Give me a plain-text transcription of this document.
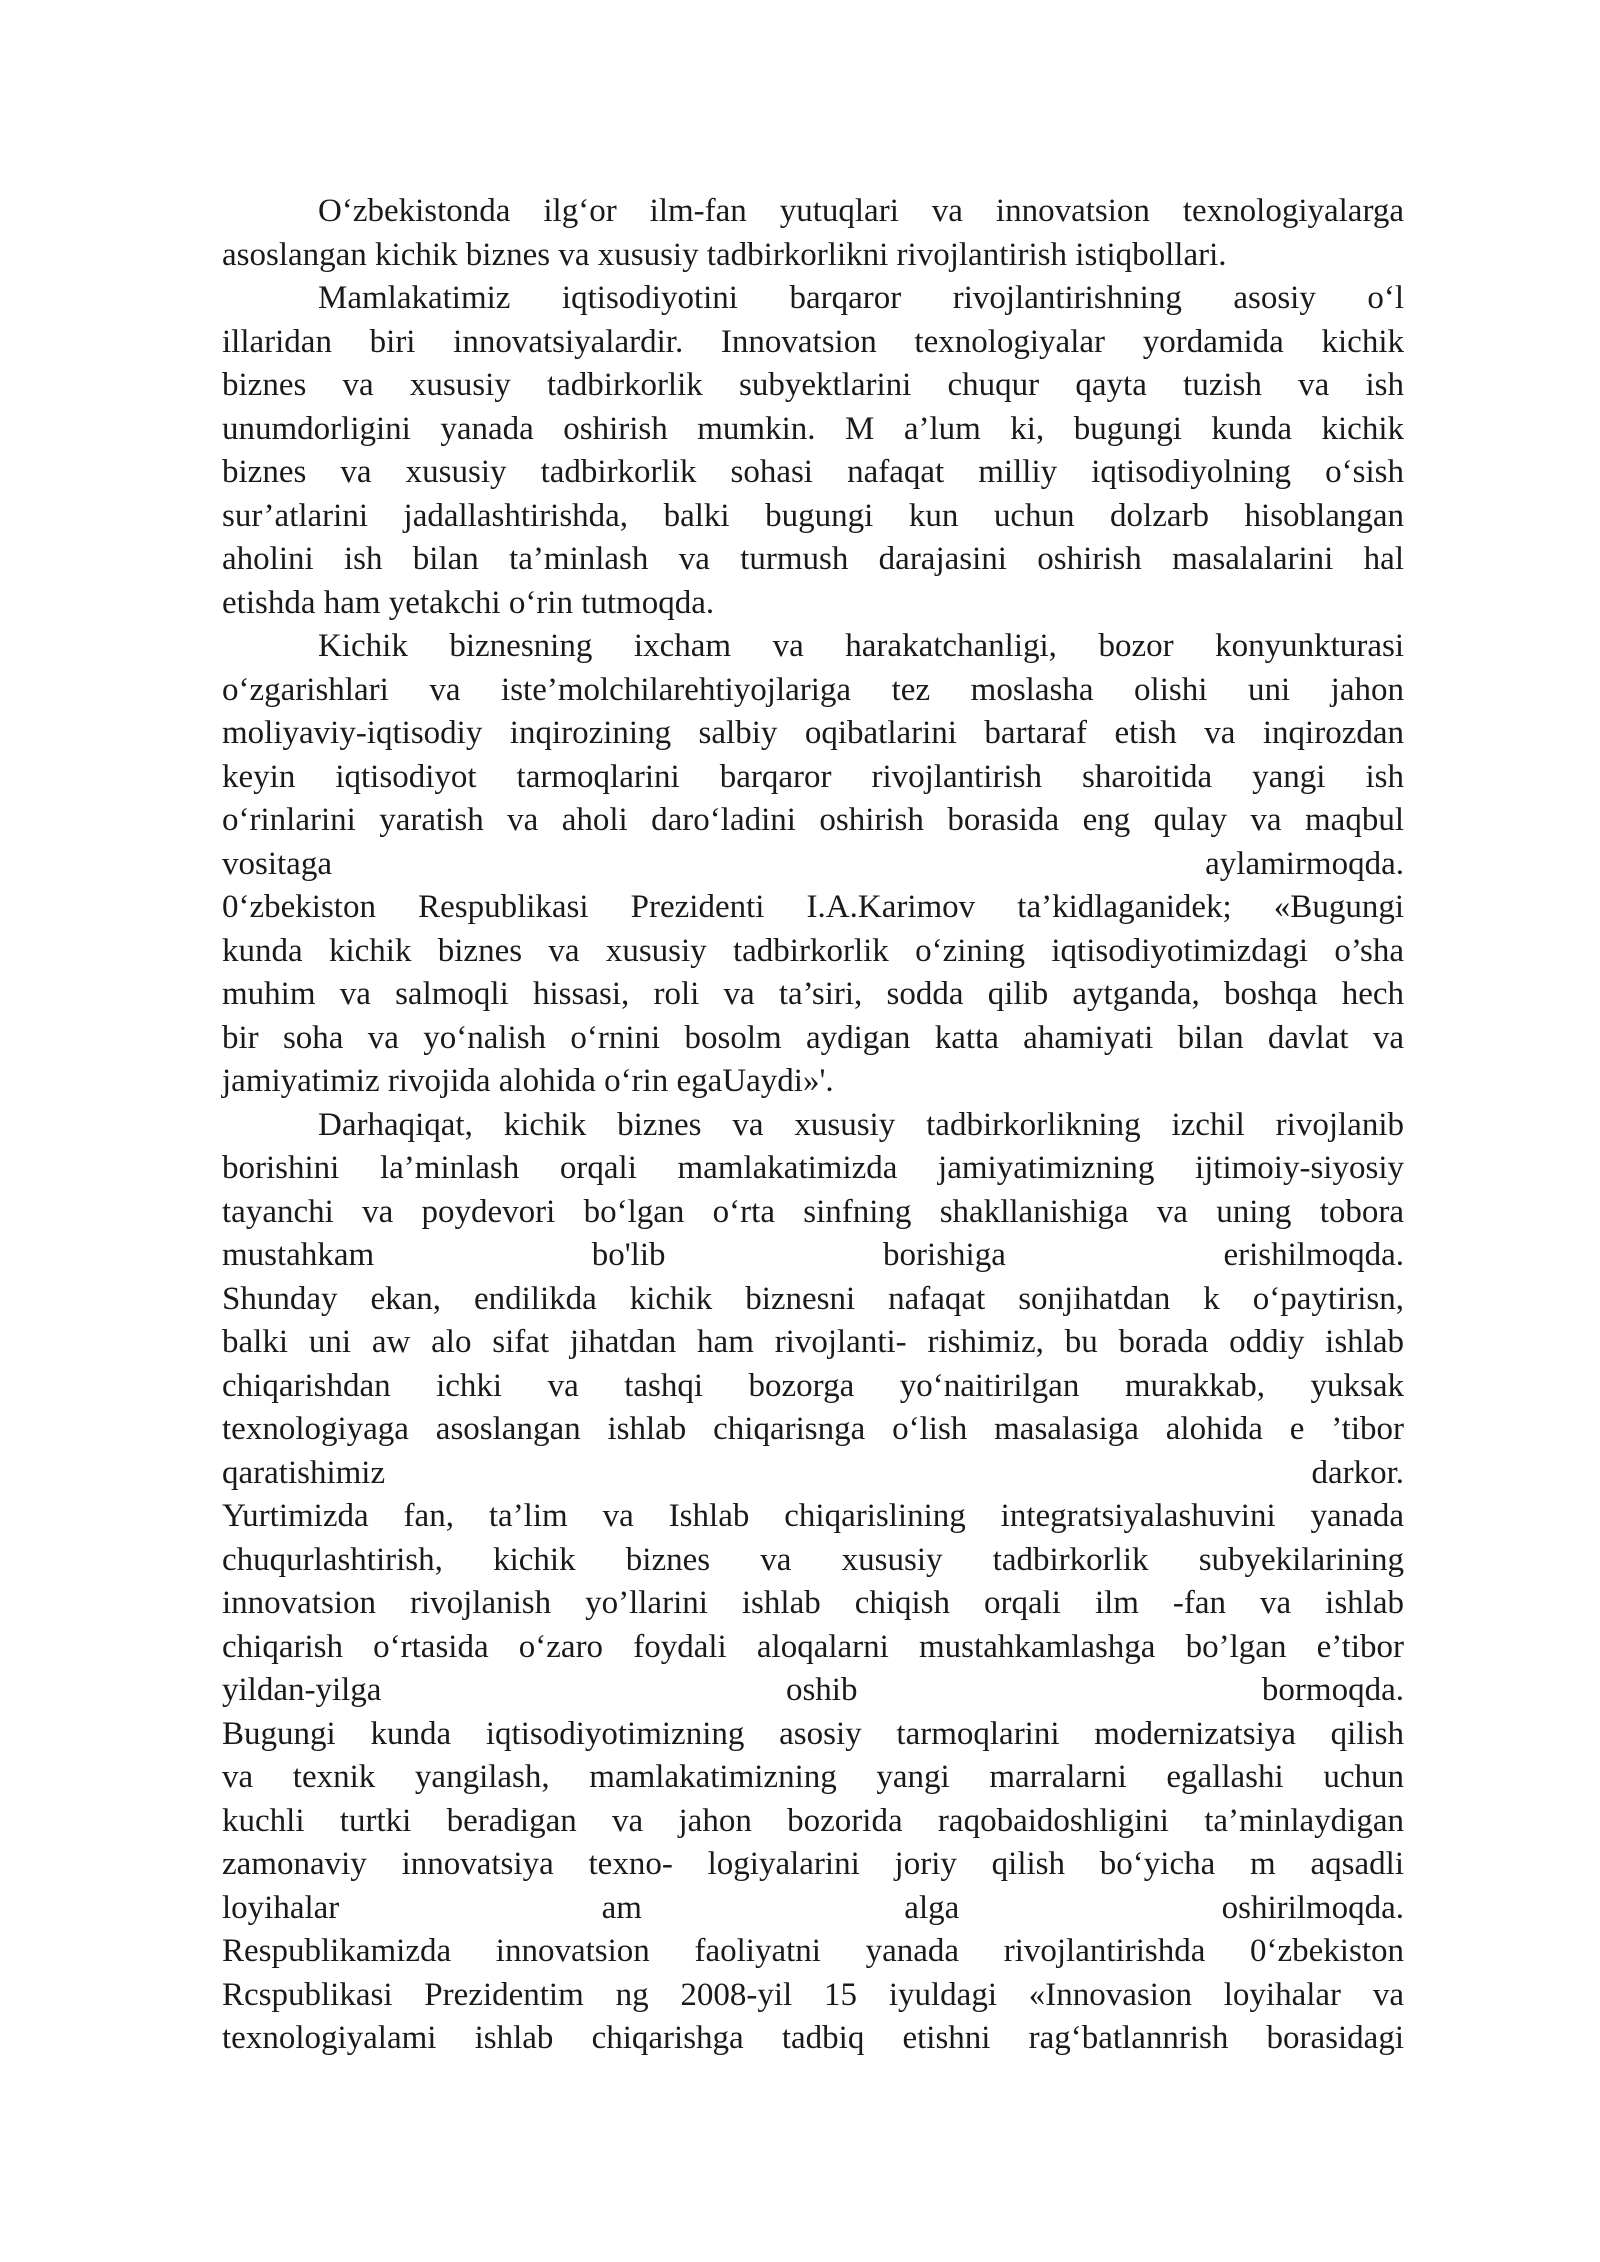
O‘zbekistonda ilg‘or ilm-fan yutuqlari va innovatsion texnologiyalarga
asoslangan kichik biznes va xususiy tadbirkorlikni rivojlantirish istiqbollari.
Mamlakatimiz iqtisodiyotini barqaror rivojlantirishning asosiy o‘l
illaridan biri innovatsiyalardir. Innovatsion texnologiyalar yordamida kichik
biznes va xususiy tadbirkorlik subyektlarini chuqur qayta tuzish va ish
unumdorligini yanada oshirish mumkin. M a’lum ki, bugungi kunda kichik
biznes va xususiy tadbirkorlik sohasi nafaqat milliy iqtisodiyolning o‘sish
sur’atlarini jadallashtirishda, balki bugungi kun uchun dolzarb hisoblangan
aholini ish bilan ta’minlash va turmush darajasini oshirish masalalarini hal
etishda ham yetakchi o‘rin tutmoqda.
Kichik biznesning ixcham va harakatchanligi, bozor konyunkturasi
o‘zgarishlari va iste’molchilarehtiyojlariga tez moslasha olishi uni jahon
moliyaviy-iqtisodiy inqirozining salbiy oqibatlarini bartaraf etish va inqirozdan
keyin iqtisodiyot tarmoqlarini barqaror rivojlantirish sharoitida yangi ish
o‘rinlarini yaratish va aholi daro‘ladini oshirish borasida eng qulay va maqbul
vositaga aylamirmoqda.
0‘zbekiston Respublikasi Prezidenti I.A.Karimov ta’kidlaganidek; «Bugungi
kunda kichik biznes va xususiy tadbirkorlik o‘zining iqtisodiyotimizdagi o’sha
muhim va salmoqli hissasi, roli va ta’siri, sodda qilib aytganda, boshqa hech
bir soha va yo‘nalish o‘rnini bosolm aydigan katta ahamiyati bilan davlat va
jamiyatimiz rivojida alohida o‘rin egaUaydi»'.
Darhaqiqat, kichik biznes va xususiy tadbirkorlikning izchil rivojlanib
borishini la’minlash orqali mamlakatimizda jamiyatimizning ijtimoiy-siyosiy
tayanchi va poydevori bo‘lgan o‘rta sinfning shakllanishiga va uning tobora
mustahkam bo'lib borishiga erishilmoqda.
Shunday ekan, endilikda kichik biznesni nafaqat sonjihatdan k o‘paytirisn,
balki uni aw alo sifat jihatdan ham rivojlanti- rishimiz, bu borada oddiy ishlab
chiqarishdan ichki va tashqi bozorga yo‘naitirilgan murakkab, yuksak
texnologiyaga asoslangan ishlab chiqarisnga o‘lish masalasiga alohida e ’tibor
qaratishimiz darkor.
Yurtimizda fan, ta’lim va Ishlab chiqarislining integratsiyalashuvini yanada
chuqurlashtirish, kichik biznes va xususiy tadbirkorlik subyekilarining
innovatsion rivojlanish yo’llarini ishlab chiqish orqali ilm -fan va ishlab
chiqarish o‘rtasida o‘zaro foydali aloqalarni mustahkamlashga bo’lgan e’tibor
yildan-yilga oshib bormoqda.
Bugungi kunda iqtisodiyotimizning asosiy tarmoqlarini modernizatsiya qilish
va texnik yangilash, mamlakatimizning yangi marralarni egallashi uchun
kuchli turtki beradigan va jahon bozorida raqobaidoshligini ta’minlaydigan
zamonaviy innovatsiya texno- logiyalarini joriy qilish bo‘yicha m aqsadli
loyihalar am alga oshirilmoqda.
Respublikamizda innovatsion faoliyatni yanada rivojlantirishda 0‘zbekiston
Rcspublikasi Prezidentim ng 2008-yil 15 iyuldagi «Innovasion loyihalar va
texnologiyalami ishlab chiqarishga tadbiq etishni rag‘batlannrish borasidagi
